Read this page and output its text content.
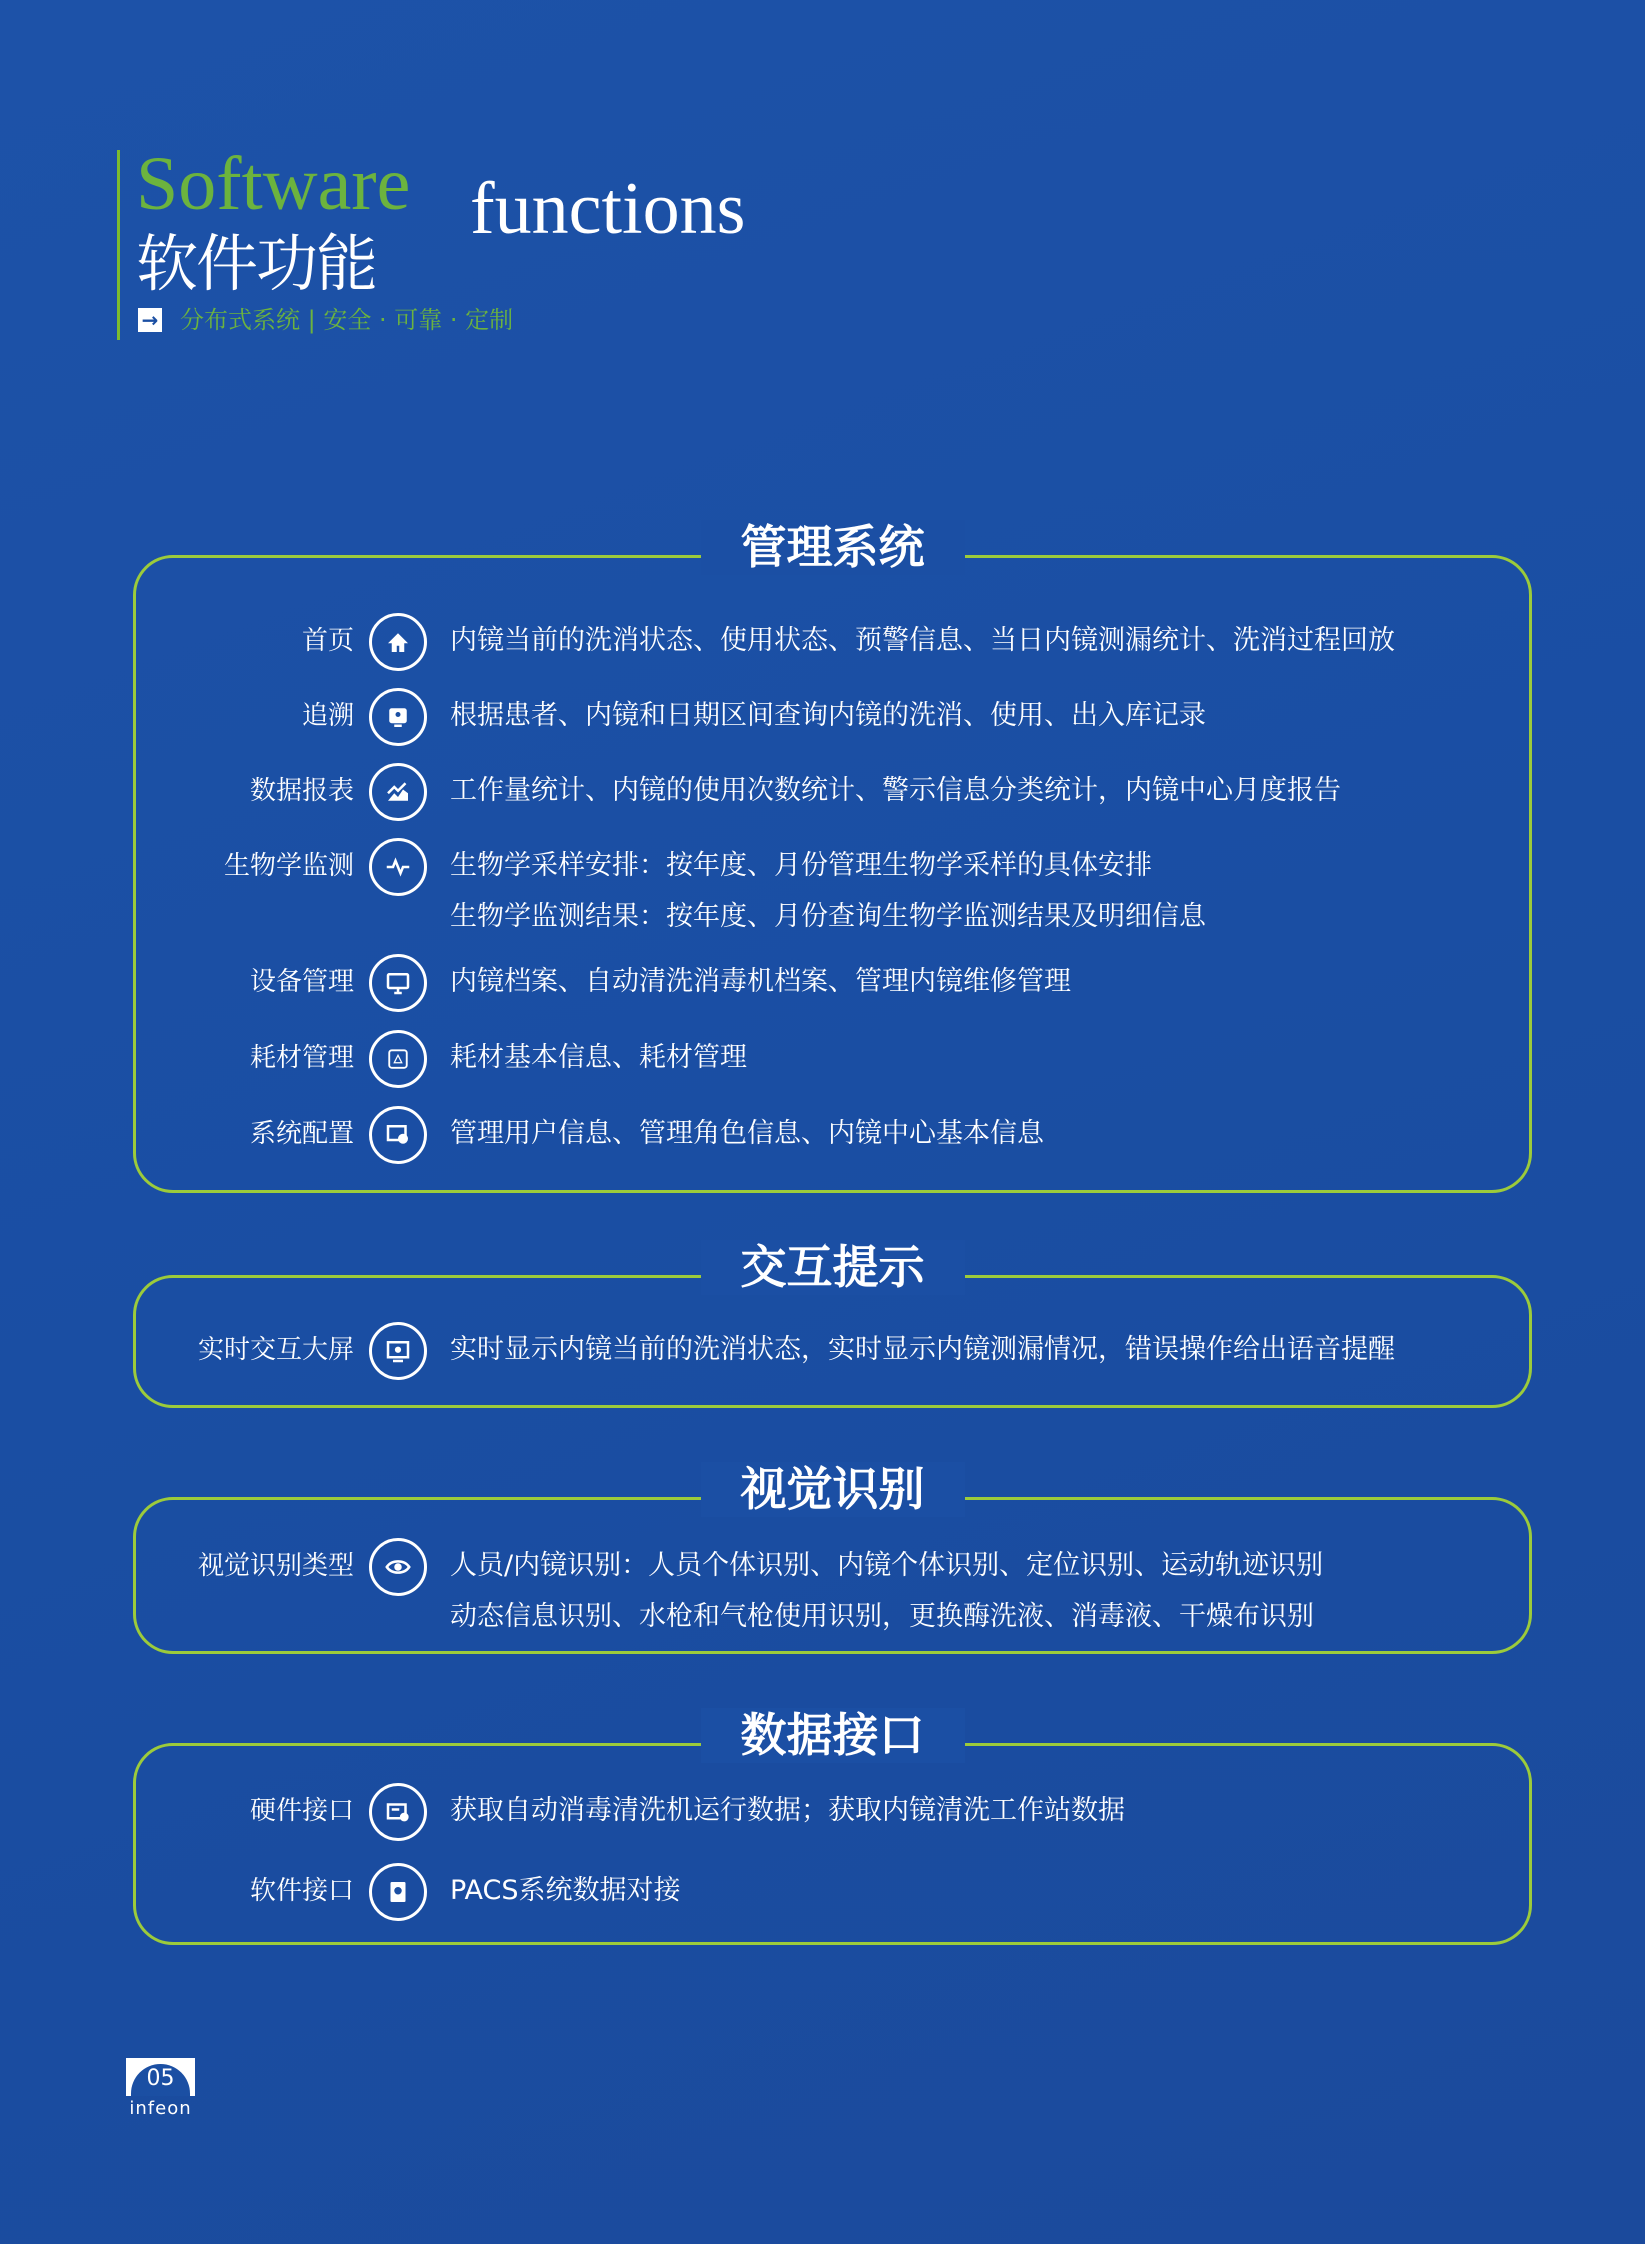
Software functions
软件功能
→ 分布式系统 | 安全 · 可靠 · 定制
管理系统
首页	内镜当前的洗消状态、使用状态、预警信息、当日内镜测漏统计、洗消过程回放
追溯	根据患者、内镜和日期区间查询内镜的洗消、使用、出入库记录
数据报表	工作量统计、内镜的使用次数统计、警示信息分类统计，内镜中心月度报告
生物学监测	生物学采样安排：按年度、月份管理生物学采样的具体安排
生物学监测结果：按年度、月份查询生物学监测结果及明细信息
设备管理	内镜档案、自动清洗消毒机档案、管理内镜维修管理
耗材管理	耗材基本信息、耗材管理
系统配置	管理用户信息、管理角色信息、内镜中心基本信息
交互提示
实时交互大屏	实时显示内镜当前的洗消状态，实时显示内镜测漏情况，错误操作给出语音提醒
视觉识别
视觉识别类型	人员/内镜识别：人员个体识别、内镜个体识别、定位识别、运动轨迹识别
动态信息识别、水枪和气枪使用识别，更换酶洗液、消毒液、干燥布识别
数据接口
硬件接口	获取自动消毒清洗机运行数据；获取内镜清洗工作站数据
软件接口	PACS系统数据对接
05
infeon
